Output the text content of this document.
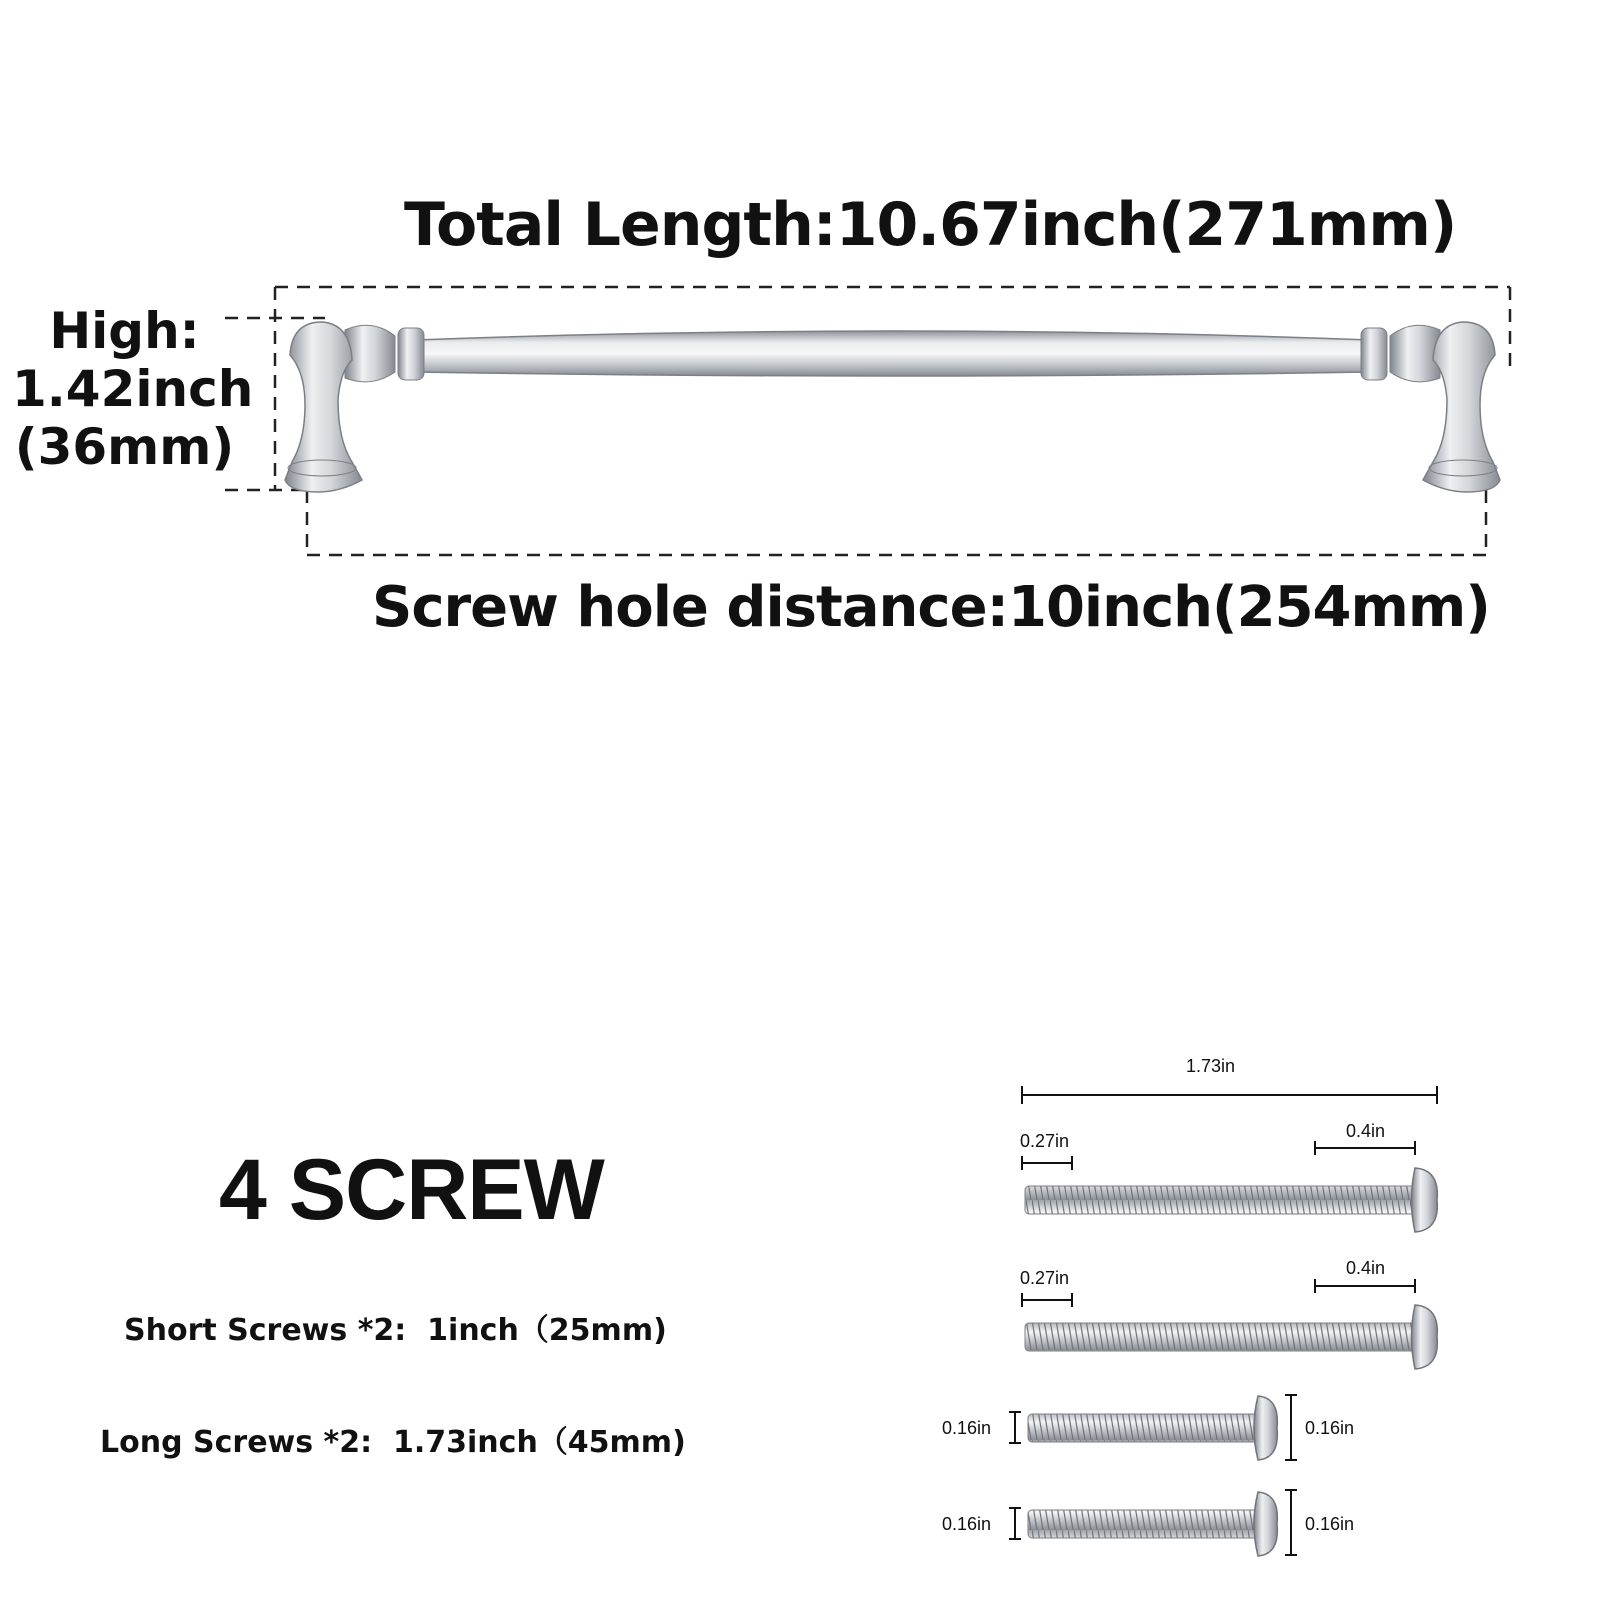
Total Length:10.67inch(271mm)
High:
1.42inch
(36mm)
Screw hole distance:10inch(254mm)
4 SCREW
Short Screws *2: 1inch（25mm)
Long Screws *2: 1.73inch（45mm)
1.73in
0.27in	0.4in
0.27in	0.4in
0.16in	0.16in
0.16in	0.16in
